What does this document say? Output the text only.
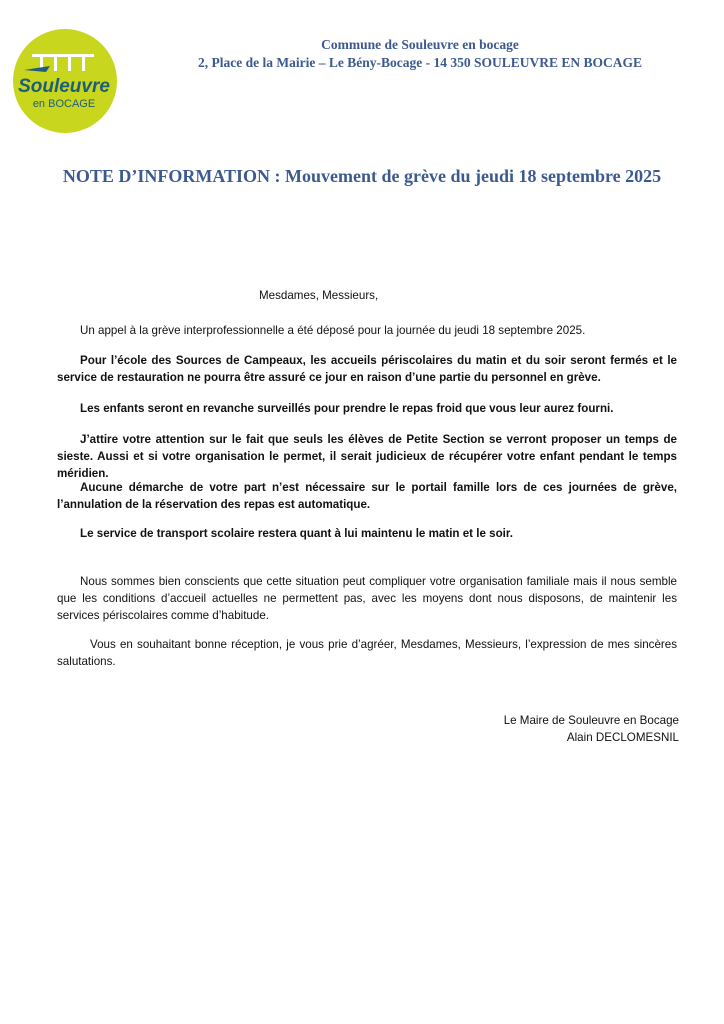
Souleuvre
en BOCAGE
Commune de Souleuvre en bocage
2, Place de la Mairie – Le Bény-Bocage - 14 350 SOULEUVRE EN BOCAGE
NOTE D’INFORMATION : Mouvement de grève du jeudi 18 septembre 2025
Mesdames, Messieurs,
Un appel à la grève interprofessionnelle a été déposé pour la journée du jeudi 18 septembre 2025.
Pour l’école des Sources de Campeaux, les accueils périscolaires du matin et du soir seront fermés et le service de restauration ne pourra être assuré ce jour en raison d’une partie du personnel en grève.
Les enfants seront en revanche surveillés pour prendre le repas froid que vous leur aurez fourni.
J’attire votre attention sur le fait que seuls les élèves de Petite Section se verront proposer un temps de sieste. Aussi et si votre organisation le permet, il serait judicieux de récupérer votre enfant pendant le temps méridien.
Aucune démarche de votre part n’est nécessaire sur le portail famille lors de ces journées de grève, l’annulation de la réservation des repas est automatique.
Le service de transport scolaire restera quant à lui maintenu le matin et le soir.
Nous sommes bien conscients que cette situation peut compliquer votre organisation familiale mais il nous semble que les conditions d’accueil actuelles ne permettent pas, avec les moyens dont nous disposons, de maintenir les services périscolaires comme d’habitude.
Vous en souhaitant bonne réception, je vous prie d’agréer, Mesdames, Messieurs, l’expression de mes sincères salutations.
Le Maire de Souleuvre en Bocage
Alain DECLOMESNIL
